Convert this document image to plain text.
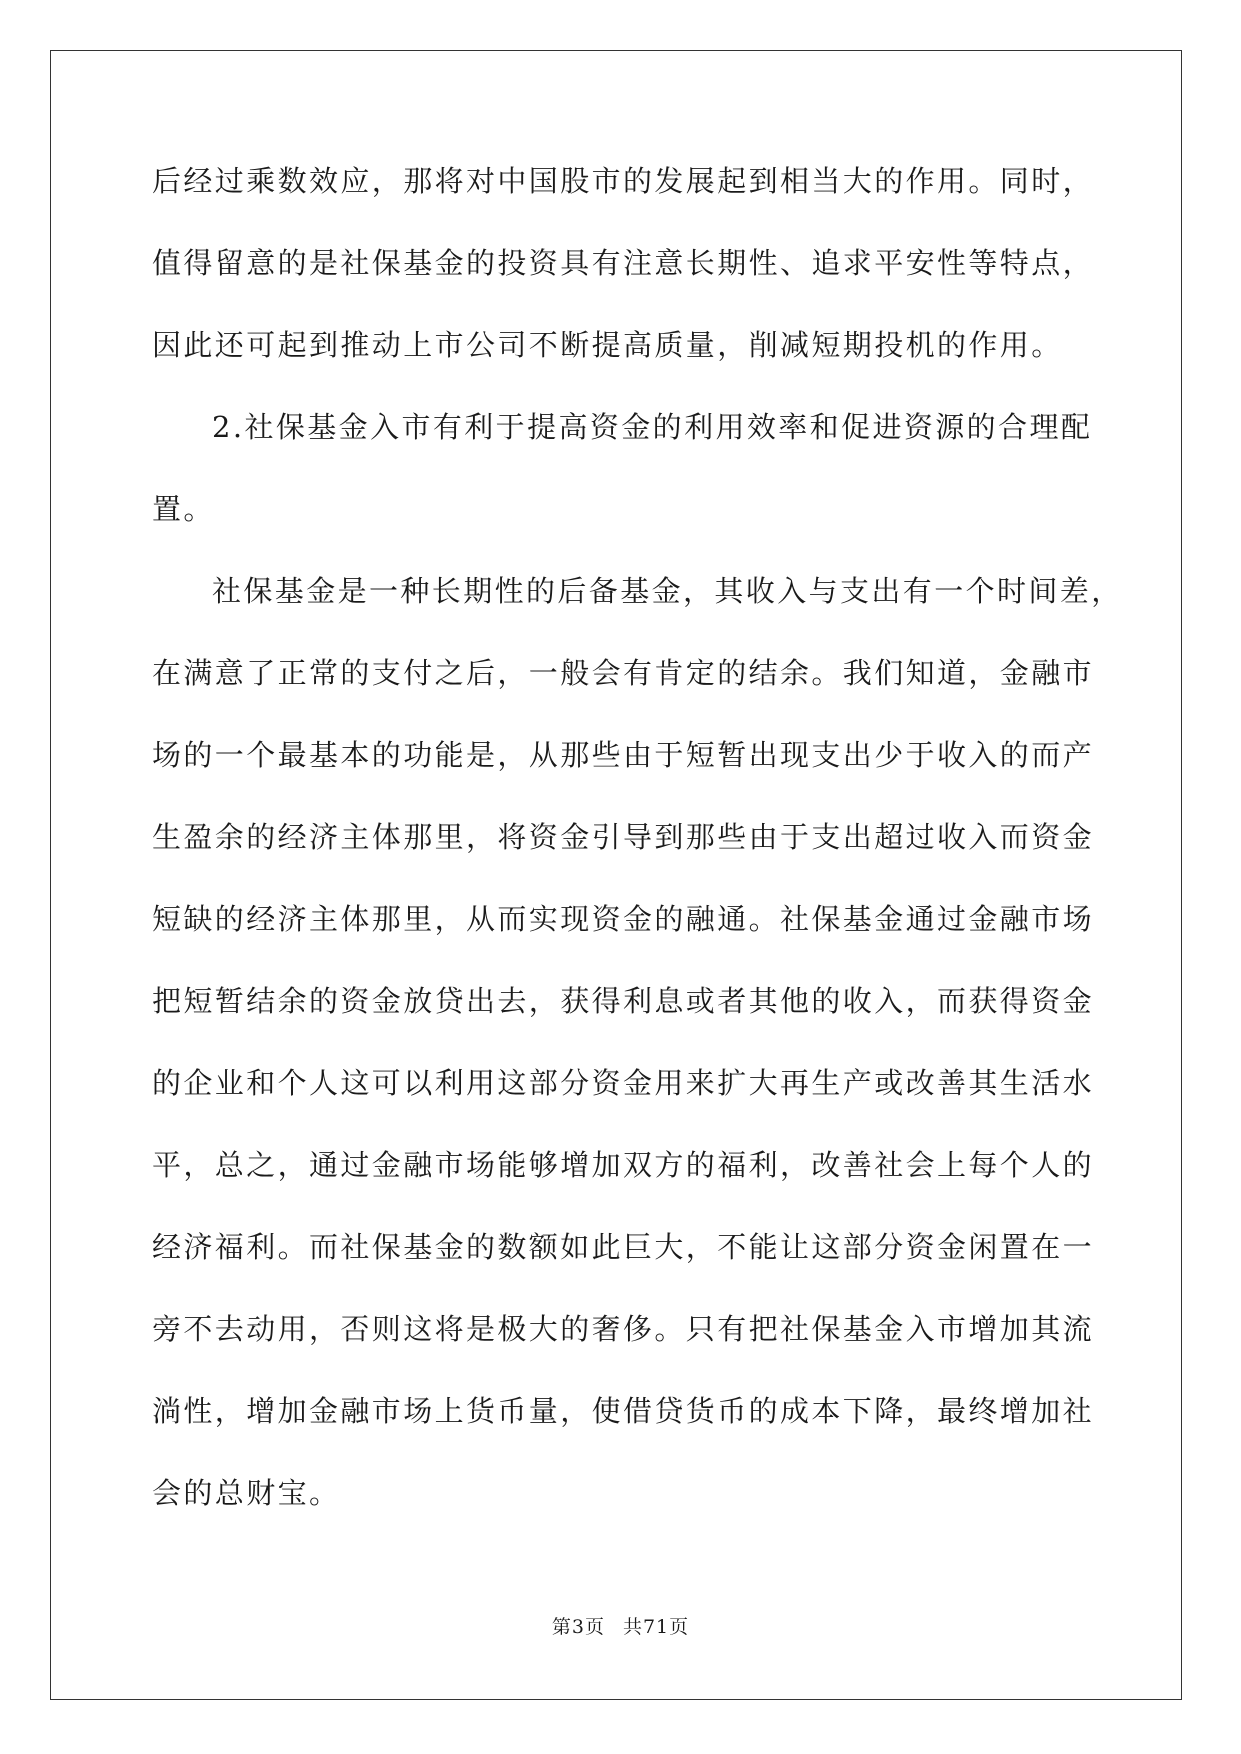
后经过乘数效应，那将对中国股市的发展起到相当大的作用。同时，
值得留意的是社保基金的投资具有注意长期性、追求平安性等特点，
因此还可起到推动上市公司不断提高质量，削减短期投机的作用。
2.社保基金入市有利于提高资金的利用效率和促进资源的合理配
置。
社保基金是一种长期性的后备基金，其收入与支出有一个时间差，
在满意了正常的支付之后，一般会有肯定的结余。我们知道，金融市
场的一个最基本的功能是，从那些由于短暂出现支出少于收入的而产
生盈余的经济主体那里，将资金引导到那些由于支出超过收入而资金
短缺的经济主体那里，从而实现资金的融通。社保基金通过金融市场
把短暂结余的资金放贷出去，获得利息或者其他的收入，而获得资金
的企业和个人这可以利用这部分资金用来扩大再生产或改善其生活水
平，总之，通过金融市场能够增加双方的福利，改善社会上每个人的
经济福利。而社保基金的数额如此巨大，不能让这部分资金闲置在一
旁不去动用，否则这将是极大的奢侈。只有把社保基金入市增加其流
淌性，增加金融市场上货币量，使借贷货币的成本下降，最终增加社
会的总财宝。
第3页 共71页
